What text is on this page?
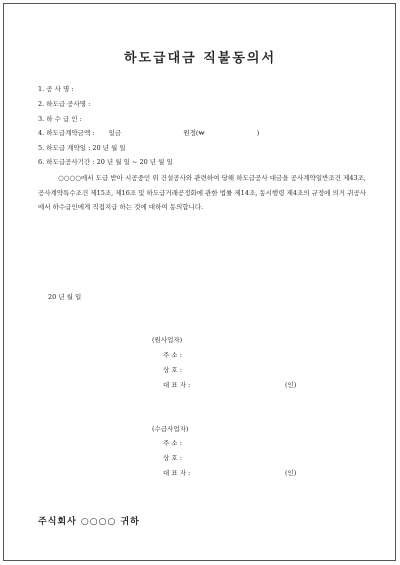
하도급대금 직불동의서
1. 공 사 명 :
2. 하도급 공사명 :
3. 하 수 급 인 :
4. 하도급계약금액 : 일금	원정(₩	)
5. 하도급 계약일 : 20 년 월 일
6. 하도급공사기간 : 20 년 월 일 ~ 20 년 월 일
○○○○에서 도급 받아 시공중인 위 건설공사와 관련하여 당해 하도급공사 대금을 공사계약일반조건 제43조, 공사계약특수조건 제15조, 제16조 및 하도급거래공정화에 관한 법률 제14조, 동시행령 제4조의 규정에 의거 귀공사에서 하수급인에게 직접지급 하는 것에 대하여 동의합니다.
20 년 월 일
(원사업자)
주 소 :
상 호 :
대 표 자 :	(인)
(수급사업자)
주 소 :
상 호 :
대 표 자 :	(인)
주식회사 ○○○○ 귀하
